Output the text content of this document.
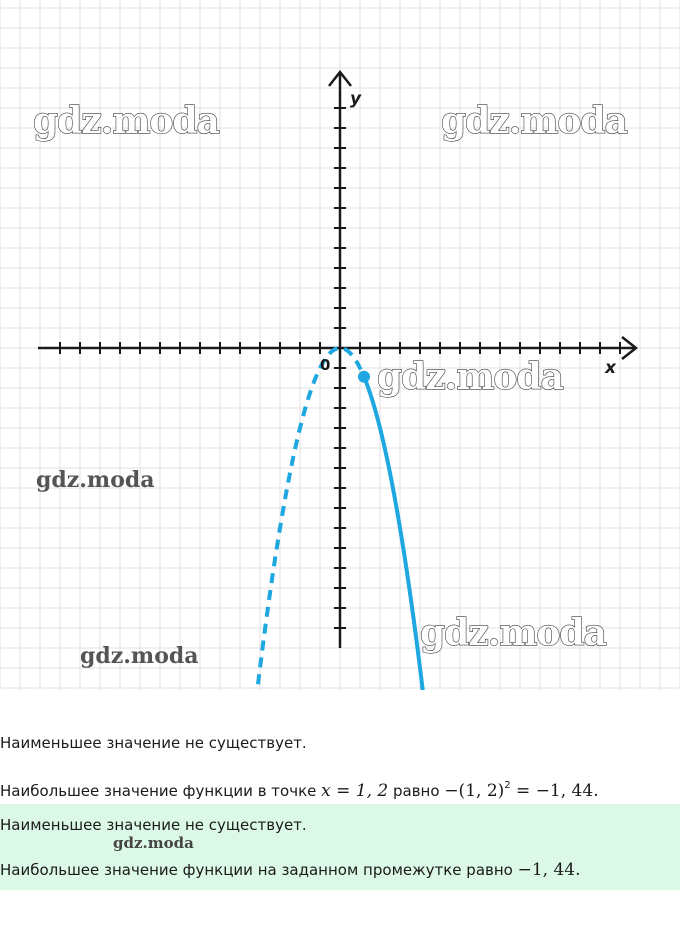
y
x
0
gdz.moda	gdz.moda
gdz.moda
gdz.moda
gdz.moda
gdz.moda
Наименьшее значение не существует.
Наибольшее значение функции в точке x = 1, 2 равно −(1, 2)$^2$ = −1, 44.
Наименьшее значение не существует.
gdz.moda
Наибольшее значение функции на заданном промежутке равно −1, 44.
